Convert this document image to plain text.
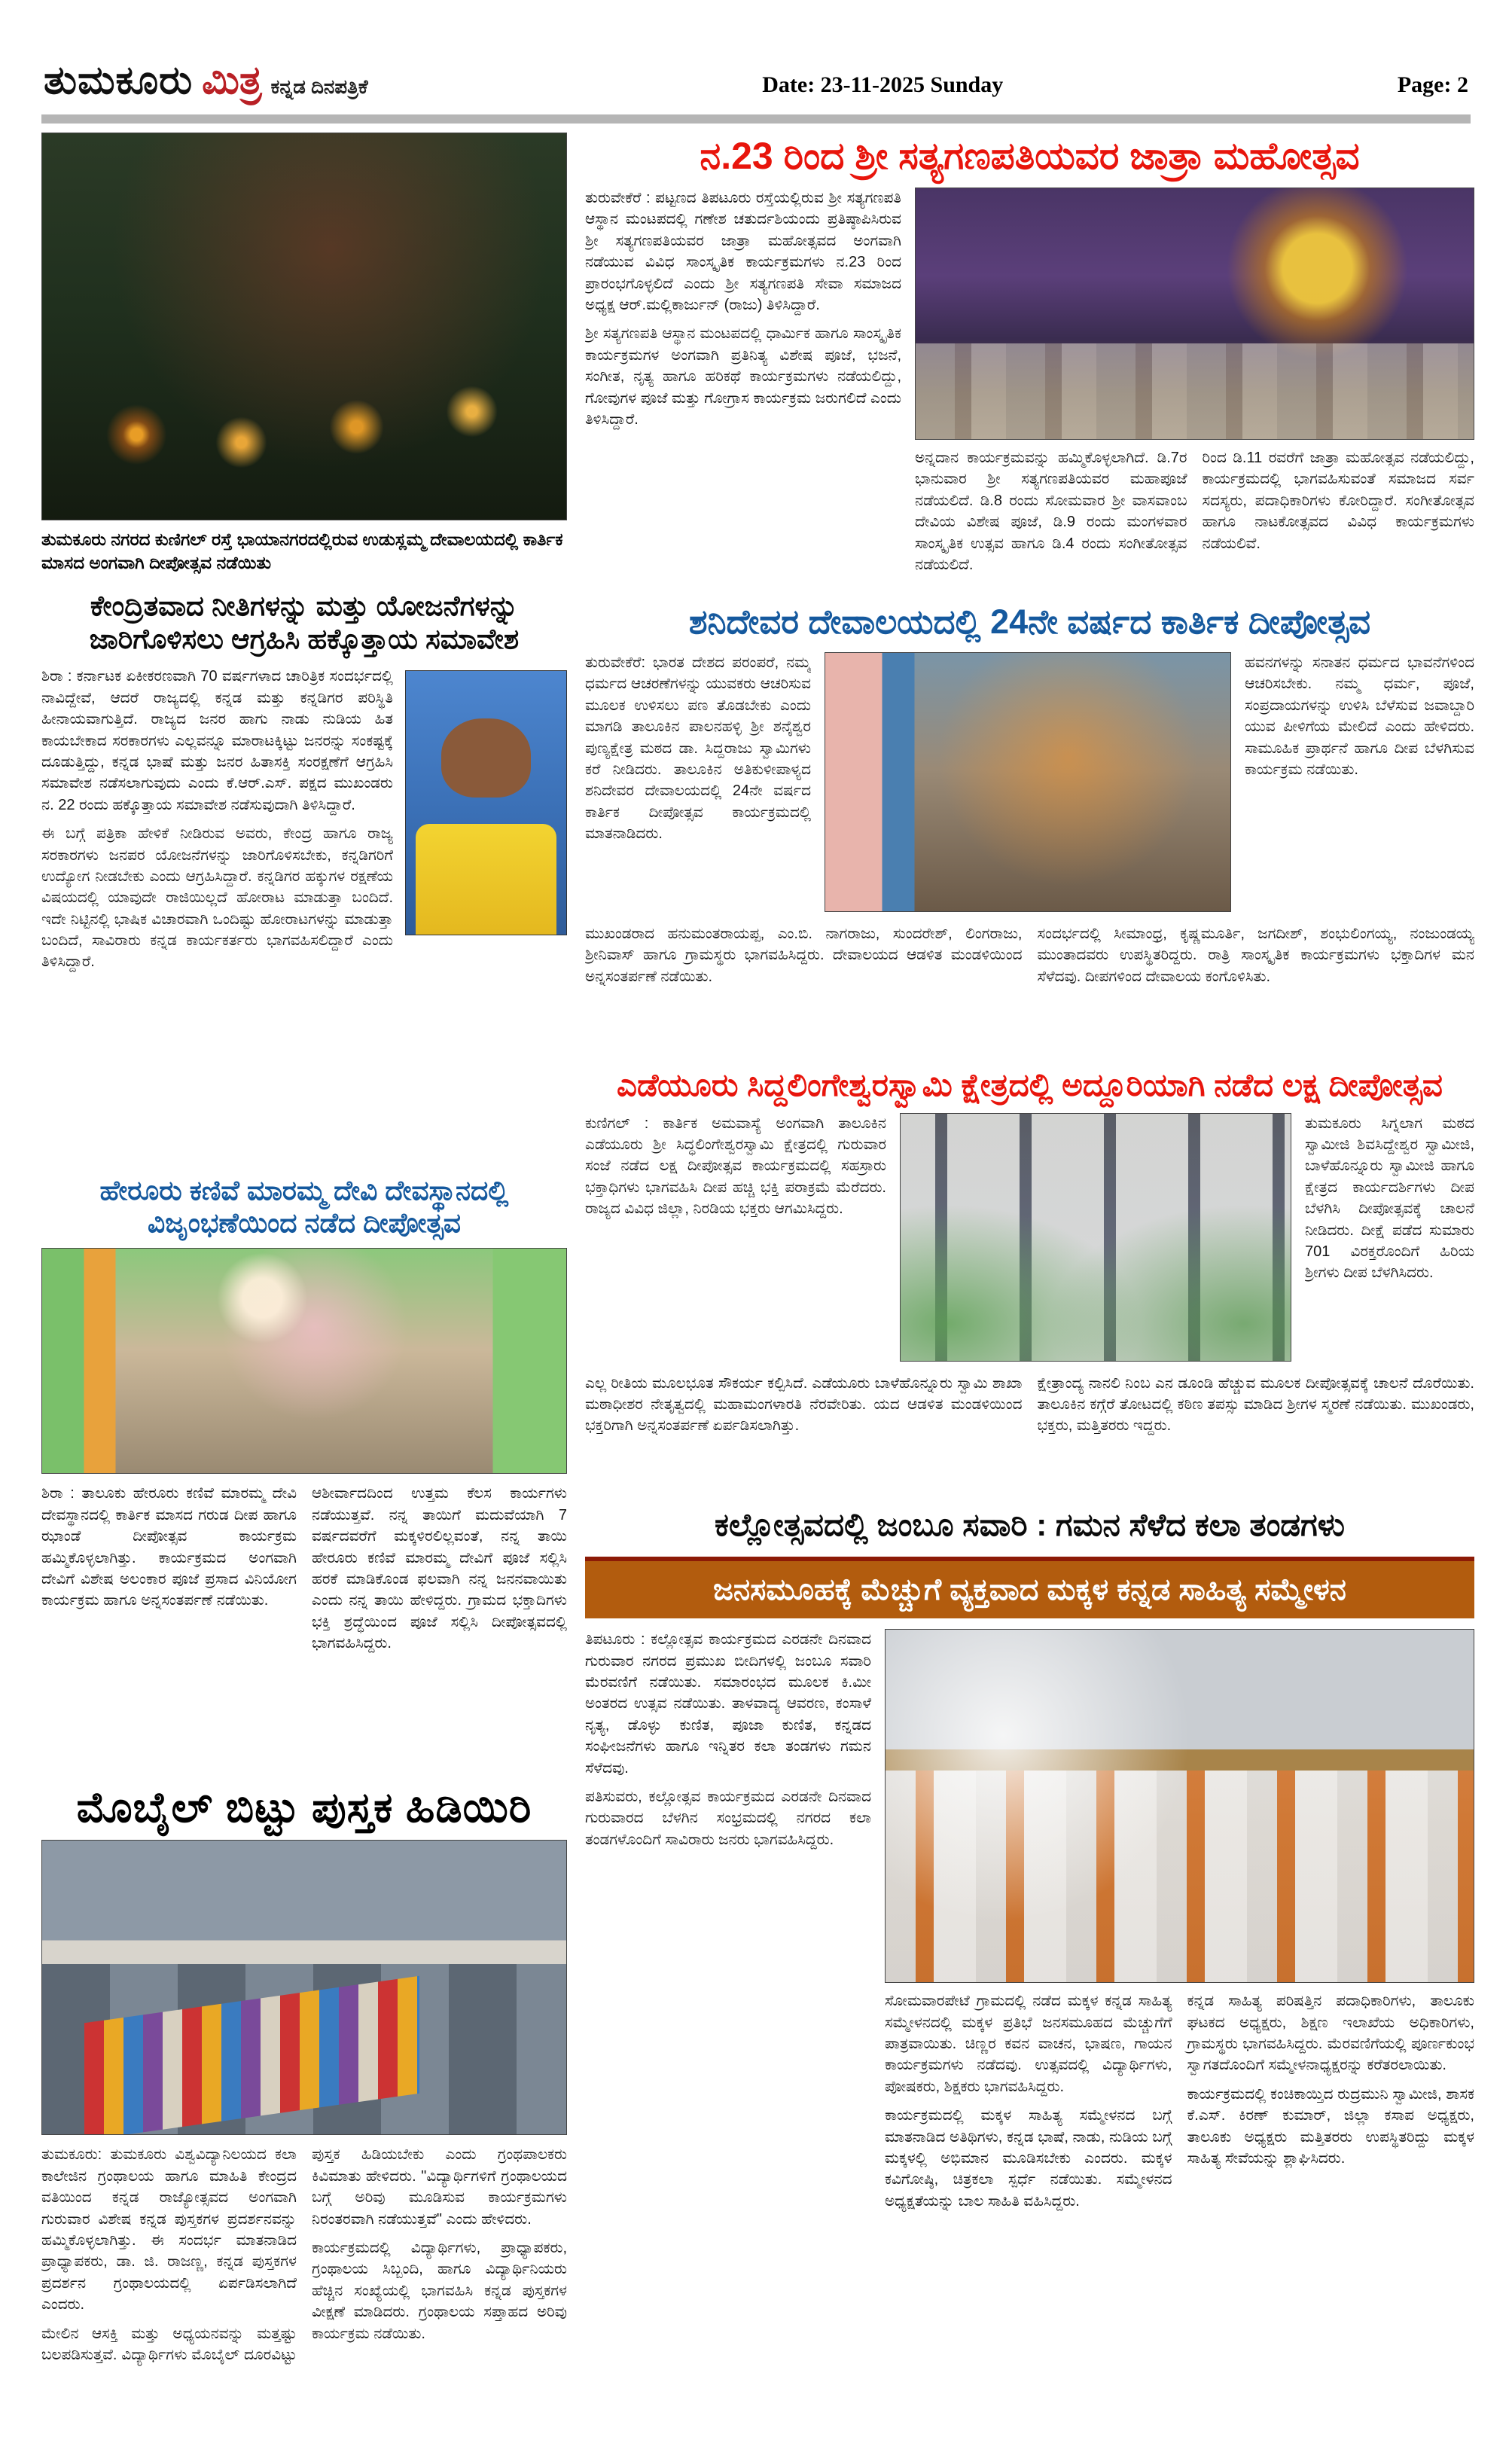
ತುಮಕೂರು ಮಿತ್ರ ಕನ್ನಡ ದಿನಪತ್ರಿಕೆ	Date: 23-11-2025 Sunday	Page: 2
ತುಮಕೂರು ನಗರದ ಕುಣಿಗಲ್ ರಸ್ತೆ ಭಾಯಾನಗರದಲ್ಲಿರುವ ಉಡುಸ್ಲಮ್ಮ ದೇವಾಲಯದಲ್ಲಿ ಕಾರ್ತಿಕ ಮಾಸದ ಅಂಗವಾಗಿ ದೀಪೋತ್ಸವ ನಡೆಯಿತು
ಕೇಂದ್ರಿತವಾದ ನೀತಿಗಳನ್ನು ಮತ್ತು ಯೋಜನೆಗಳನ್ನು ಜಾರಿಗೊಳಿಸಲು ಆಗ್ರಹಿಸಿ ಹಕ್ಕೊತ್ತಾಯ ಸಮಾವೇಶ

ಶಿರಾ : ಕರ್ನಾಟಕ ಏಕೀಕರಣವಾಗಿ 70 ವರ್ಷಗಳಾದ ಚಾರಿತ್ರಿಕ ಸಂದರ್ಭದಲ್ಲಿ ನಾವಿದ್ದೇವೆ, ಆದರೆ ರಾಜ್ಯದಲ್ಲಿ ಕನ್ನಡ ಮತ್ತು ಕನ್ನಡಿಗರ ಪರಿಸ್ಥಿತಿ ಹೀನಾಯವಾಗುತ್ತಿದೆ. ರಾಜ್ಯದ ಜನರ ಹಾಗು ನಾಡು ನುಡಿಯ ಹಿತ ಕಾಯಬೇಕಾದ ಸರಕಾರಗಳು ಎಲ್ಲವನ್ನೂ ಮಾರಾಟಕ್ಕಿಟ್ಟು ಜನರನ್ನು ಸಂಕಷ್ಟಕ್ಕೆ ದೂಡುತ್ತಿದ್ದು, ಕನ್ನಡ ಭಾಷೆ ಮತ್ತು ಜನರ ಹಿತಾಸಕ್ತಿ ಸಂರಕ್ಷಣೆಗೆ ಆಗ್ರಹಿಸಿ ಸಮಾವೇಶ ನಡೆಸಲಾಗುವುದು ಎಂದು ಕೆ.ಆರ್.ಎಸ್. ಪಕ್ಷದ ಮುಖಂಡರು ನ. 22 ರಂದು ಹಕ್ಕೊತ್ತಾಯ ಸಮಾವೇಶ ನಡೆಸುವುದಾಗಿ ತಿಳಿಸಿದ್ದಾರೆ.

ಈ ಬಗ್ಗೆ ಪತ್ರಿಕಾ ಹೇಳಿಕೆ ನೀಡಿರುವ ಅವರು, ಕೇಂದ್ರ ಹಾಗೂ ರಾಜ್ಯ ಸರಕಾರಗಳು ಜನಪರ ಯೋಜನೆಗಳನ್ನು ಜಾರಿಗೊಳಿಸಬೇಕು, ಕನ್ನಡಿಗರಿಗೆ ಉದ್ಯೋಗ ನೀಡಬೇಕು ಎಂದು ಆಗ್ರಹಿಸಿದ್ದಾರೆ. ಕನ್ನಡಿಗರ ಹಕ್ಕುಗಳ ರಕ್ಷಣೆಯ ವಿಷಯದಲ್ಲಿ ಯಾವುದೇ ರಾಜಿಯಿಲ್ಲದೆ ಹೋರಾಟ ಮಾಡುತ್ತಾ ಬಂದಿದೆ. ಇದೇ ನಿಟ್ಟಿನಲ್ಲಿ ಭಾಷಿಕ ವಿಚಾರವಾಗಿ ಒಂದಿಷ್ಟು ಹೋರಾಟಗಳನ್ನು ಮಾಡುತ್ತಾ ಬಂದಿದೆ, ಸಾವಿರಾರು ಕನ್ನಡ ಕಾರ್ಯಕರ್ತರು ಭಾಗವಹಿಸಲಿದ್ದಾರೆ ಎಂದು ತಿಳಿಸಿದ್ದಾರೆ.

ಹೇರೂರು ಕಣಿವೆ ಮಾರಮ್ಮ ದೇವಿ ದೇವಸ್ಥಾನದಲ್ಲಿ ವಿಜೃಂಭಣೆಯಿಂದ ನಡೆದ ದೀಪೋತ್ಸವ

ಶಿರಾ : ತಾಲೂಕು ಹೇರೂರು ಕಣಿವೆ ಮಾರಮ್ಮ ದೇವಿ ದೇವಸ್ಥಾನದಲ್ಲಿ ಕಾರ್ತಿಕ ಮಾಸದ ಗರುಡ ದೀಪ ಹಾಗೂ ಝಾಂಡೆ ದೀಪೋತ್ಸವ ಕಾರ್ಯಕ್ರಮ ಹಮ್ಮಿಕೊಳ್ಳಲಾಗಿತ್ತು. ಕಾರ್ಯಕ್ರಮದ ಅಂಗವಾಗಿ ದೇವಿಗೆ ವಿಶೇಷ ಅಲಂಕಾರ ಪೂಜೆ ಪ್ರಸಾದ ವಿನಿಯೋಗ ಕಾರ್ಯಕ್ರಮ ಹಾಗೂ ಅನ್ನಸಂತರ್ಪಣೆ ನಡೆಯಿತು.

ಆಶೀರ್ವಾದದಿಂದ ಉತ್ತಮ ಕೆಲಸ ಕಾರ್ಯಗಳು ನಡೆಯುತ್ತವೆ. ನನ್ನ ತಾಯಿಗೆ ಮದುವೆಯಾಗಿ 7 ವರ್ಷದವರೆಗೆ ಮಕ್ಕಳಿರಲಿಲ್ಲವಂತೆ, ನನ್ನ ತಾಯಿ ಹೇರೂರು ಕಣಿವೆ ಮಾರಮ್ಮ ದೇವಿಗೆ ಪೂಜೆ ಸಲ್ಲಿಸಿ ಹರಕೆ ಮಾಡಿಕೊಂಡ ಫಲವಾಗಿ ನನ್ನ ಜನನವಾಯಿತು ಎಂದು ನನ್ನ ತಾಯಿ ಹೇಳಿದ್ದರು. ಗ್ರಾಮದ ಭಕ್ತಾದಿಗಳು ಭಕ್ತಿ ಶ್ರದ್ಧೆಯಿಂದ ಪೂಜೆ ಸಲ್ಲಿಸಿ ದೀಪೋತ್ಸವದಲ್ಲಿ ಭಾಗವಹಿಸಿದ್ದರು.

ಮೊಬೈಲ್ ಬಿಟ್ಟು ಪುಸ್ತಕ ಹಿಡಿಯಿರಿ

ತುಮಕೂರು: ತುಮಕೂರು ವಿಶ್ವವಿದ್ಯಾನಿಲಯದ ಕಲಾ ಕಾಲೇಜಿನ ಗ್ರಂಥಾಲಯ ಹಾಗೂ ಮಾಹಿತಿ ಕೇಂದ್ರದ ವತಿಯಿಂದ ಕನ್ನಡ ರಾಜ್ಯೋತ್ಸವದ ಅಂಗವಾಗಿ ಗುರುವಾರ ವಿಶೇಷ ಕನ್ನಡ ಪುಸ್ತಕಗಳ ಪ್ರದರ್ಶನವನ್ನು ಹಮ್ಮಿಕೊಳ್ಳಲಾಗಿತ್ತು. ಈ ಸಂದರ್ಭ ಮಾತನಾಡಿದ ಪ್ರಾಧ್ಯಾಪಕರು, ಡಾ. ಜಿ. ರಾಜಣ್ಣ, ಕನ್ನಡ ಪುಸ್ತಕಗಳ ಪ್ರದರ್ಶನ ಗ್ರಂಥಾಲಯದಲ್ಲಿ ಏರ್ಪಡಿಸಲಾಗಿದೆ ಎಂದರು.

ಮೇಲಿನ ಆಸಕ್ತಿ ಮತ್ತು ಅಧ್ಯಯನವನ್ನು ಮತ್ತಷ್ಟು ಬಲಪಡಿಸುತ್ತವೆ. ವಿದ್ಯಾರ್ಥಿಗಳು ಮೊಬೈಲ್ ದೂರವಿಟ್ಟು ಪುಸ್ತಕ ಹಿಡಿಯಬೇಕು ಎಂದು ಗ್ರಂಥಪಾಲಕರು ಕಿವಿಮಾತು ಹೇಳಿದರು. "ವಿದ್ಯಾರ್ಥಿಗಳಿಗೆ ಗ್ರಂಥಾಲಯದ ಬಗ್ಗೆ ಅರಿವು ಮೂಡಿಸುವ ಕಾರ್ಯಕ್ರಮಗಳು ನಿರಂತರವಾಗಿ ನಡೆಯುತ್ತವೆ" ಎಂದು ಹೇಳಿದರು.

ಕಾರ್ಯಕ್ರಮದಲ್ಲಿ ವಿದ್ಯಾರ್ಥಿಗಳು, ಪ್ರಾಧ್ಯಾಪಕರು, ಗ್ರಂಥಾಲಯ ಸಿಬ್ಬಂದಿ, ಹಾಗೂ ವಿದ್ಯಾರ್ಥಿನಿಯರು ಹೆಚ್ಚಿನ ಸಂಖ್ಯೆಯಲ್ಲಿ ಭಾಗವಹಿಸಿ ಕನ್ನಡ ಪುಸ್ತಕಗಳ ವೀಕ್ಷಣೆ ಮಾಡಿದರು. ಗ್ರಂಥಾಲಯ ಸಪ್ತಾಹದ ಅರಿವು ಕಾರ್ಯಕ್ರಮ ನಡೆಯಿತು.

ನ.23 ರಿಂದ ಶ್ರೀ ಸತ್ಯಗಣಪತಿಯವರ ಜಾತ್ರಾ ಮಹೋತ್ಸವ

ತುರುವೇಕೆರೆ : ಪಟ್ಟಣದ ತಿಪಟೂರು ರಸ್ತೆಯಲ್ಲಿರುವ ಶ್ರೀ ಸತ್ಯಗಣಪತಿ ಆಸ್ಥಾನ ಮಂಟಪದಲ್ಲಿ ಗಣೇಶ ಚತುರ್ದಶಿಯಂದು ಪ್ರತಿಷ್ಠಾಪಿಸಿರುವ ಶ್ರೀ ಸತ್ಯಗಣಪತಿಯವರ ಜಾತ್ರಾ ಮಹೋತ್ಸವದ ಅಂಗವಾಗಿ ನಡೆಯುವ ವಿವಿಧ ಸಾಂಸ್ಕೃತಿಕ ಕಾರ್ಯಕ್ರಮಗಳು ನ.23 ರಿಂದ ಪ್ರಾರಂಭಗೊಳ್ಳಲಿದೆ ಎಂದು ಶ್ರೀ ಸತ್ಯಗಣಪತಿ ಸೇವಾ ಸಮಾಜದ ಅಧ್ಯಕ್ಷ ಆರ್.ಮಲ್ಲಿಕಾರ್ಜುನ್ (ರಾಜು) ತಿಳಿಸಿದ್ದಾರೆ.

ಶ್ರೀ ಸತ್ಯಗಣಪತಿ ಆಸ್ಥಾನ ಮಂಟಪದಲ್ಲಿ ಧಾರ್ಮಿಕ ಹಾಗೂ ಸಾಂಸ್ಕೃತಿಕ ಕಾರ್ಯಕ್ರಮಗಳ ಅಂಗವಾಗಿ ಪ್ರತಿನಿತ್ಯ ವಿಶೇಷ ಪೂಜೆ, ಭಜನೆ, ಸಂಗೀತ, ನೃತ್ಯ ಹಾಗೂ ಹರಿಕಥೆ ಕಾರ್ಯಕ್ರಮಗಳು ನಡೆಯಲಿದ್ದು, ಗೋವುಗಳ ಪೂಜೆ ಮತ್ತು ಗೋಗ್ರಾಸ ಕಾರ್ಯಕ್ರಮ ಜರುಗಲಿದೆ ಎಂದು ತಿಳಿಸಿದ್ದಾರೆ.

ಅನ್ನದಾನ ಕಾರ್ಯಕ್ರಮವನ್ನು ಹಮ್ಮಿಕೊಳ್ಳಲಾಗಿದೆ. ಡಿ.7ರ ಭಾನುವಾರ ಶ್ರೀ ಸತ್ಯಗಣಪತಿಯವರ ಮಹಾಪೂಜೆ ನಡೆಯಲಿದೆ. ಡಿ.8 ರಂದು ಸೋಮವಾರ ಶ್ರೀ ವಾಸವಾಂಬ ದೇವಿಯ ವಿಶೇಷ ಪೂಜೆ, ಡಿ.9 ರಂದು ಮಂಗಳವಾರ ಸಾಂಸ್ಕೃತಿಕ ಉತ್ಸವ ಹಾಗೂ ಡಿ.4 ರಂದು ಸಂಗೀತೋತ್ಸವ ನಡೆಯಲಿದೆ.

ರಿಂದ ಡಿ.11 ರವರೆಗೆ ಜಾತ್ರಾ ಮಹೋತ್ಸವ ನಡೆಯಲಿದ್ದು, ಕಾರ್ಯಕ್ರಮದಲ್ಲಿ ಭಾಗವಹಿಸುವಂತೆ ಸಮಾಜದ ಸರ್ವ ಸದಸ್ಯರು, ಪದಾಧಿಕಾರಿಗಳು ಕೋರಿದ್ದಾರೆ. ಸಂಗೀತೋತ್ಸವ ಹಾಗೂ ನಾಟಕೋತ್ಸವದ ವಿವಿಧ ಕಾರ್ಯಕ್ರಮಗಳು ನಡೆಯಲಿವೆ.

ಶನಿದೇವರ ದೇವಾಲಯದಲ್ಲಿ 24ನೇ ವರ್ಷದ ಕಾರ್ತಿಕ ದೀಪೋತ್ಸವ

ತುರುವೇಕೆರೆ: ಭಾರತ ದೇಶದ ಪರಂಪರೆ, ನಮ್ಮ ಧರ್ಮದ ಆಚರಣೆಗಳನ್ನು ಯುವಕರು ಆಚರಿಸುವ ಮೂಲಕ ಉಳಿಸಲು ಪಣ ತೊಡಬೇಕು ಎಂದು ಮಾಗಡಿ ತಾಲೂಕಿನ ಪಾಲನಹಳ್ಳಿ ಶ್ರೀ ಶನೈಶ್ವರ ಪುಣ್ಯಕ್ಷೇತ್ರ ಮಠದ ಡಾ. ಸಿದ್ದರಾಜು ಸ್ವಾಮಿಗಳು ಕರೆ ನೀಡಿದರು. ತಾಲೂಕಿನ ಅತಿಕುಳೀಪಾಳ್ಯದ ಶನಿದೇವರ ದೇವಾಲಯದಲ್ಲಿ 24ನೇ ವರ್ಷದ ಕಾರ್ತಿಕ ದೀಪೋತ್ಸವ ಕಾರ್ಯಕ್ರಮದಲ್ಲಿ ಮಾತನಾಡಿದರು.

ಹವನಗಳನ್ನು ಸನಾತನ ಧರ್ಮದ ಭಾವನೆಗಳಿಂದ ಆಚರಿಸಬೇಕು. ನಮ್ಮ ಧರ್ಮ, ಪೂಜೆ, ಸಂಪ್ರದಾಯಗಳನ್ನು ಉಳಿಸಿ ಬೆಳೆಸುವ ಜವಾಬ್ದಾರಿ ಯುವ ಪೀಳಿಗೆಯ ಮೇಲಿದೆ ಎಂದು ಹೇಳಿದರು. ಸಾಮೂಹಿಕ ಪ್ರಾರ್ಥನೆ ಹಾಗೂ ದೀಪ ಬೆಳಗಿಸುವ ಕಾರ್ಯಕ್ರಮ ನಡೆಯಿತು.

ಮುಖಂಡರಾದ ಹನುಮಂತರಾಯಪ್ಪ, ಎಂ.ಬಿ. ನಾಗರಾಜು, ಸುಂದರೇಶ್, ಲಿಂಗರಾಜು, ಶ್ರೀನಿವಾಸ್ ಹಾಗೂ ಗ್ರಾಮಸ್ಥರು ಭಾಗವಹಿಸಿದ್ದರು. ದೇವಾಲಯದ ಆಡಳಿತ ಮಂಡಳಿಯಿಂದ ಅನ್ನಸಂತರ್ಪಣೆ ನಡೆಯಿತು.

ಸಂದರ್ಭದಲ್ಲಿ ಸೀಮಾಂಧ್ರ, ಕೃಷ್ಣಮೂರ್ತಿ, ಜಗದೀಶ್, ಶಂಭುಲಿಂಗಯ್ಯ, ನಂಜುಂಡಯ್ಯ ಮುಂತಾದವರು ಉಪಸ್ಥಿತರಿದ್ದರು. ರಾತ್ರಿ ಸಾಂಸ್ಕೃತಿಕ ಕಾರ್ಯಕ್ರಮಗಳು ಭಕ್ತಾದಿಗಳ ಮನ ಸೆಳೆದವು. ದೀಪಗಳಿಂದ ದೇವಾಲಯ ಕಂಗೊಳಿಸಿತು.

ಎಡೆಯೂರು ಸಿದ್ದಲಿಂಗೇಶ್ವರಸ್ವಾಮಿ ಕ್ಷೇತ್ರದಲ್ಲಿ ಅದ್ದೂರಿಯಾಗಿ ನಡೆದ ಲಕ್ಷ ದೀಪೋತ್ಸವ

ಕುಣಿಗಲ್ : ಕಾರ್ತಿಕ ಅಮವಾಸ್ಯೆ ಅಂಗವಾಗಿ ತಾಲೂಕಿನ ಎಡೆಯೂರು ಶ್ರೀ ಸಿದ್ಧಲಿಂಗೇಶ್ವರಸ್ವಾಮಿ ಕ್ಷೇತ್ರದಲ್ಲಿ ಗುರುವಾರ ಸಂಜೆ ನಡೆದ ಲಕ್ಷ ದೀಪೋತ್ಸವ ಕಾರ್ಯಕ್ರಮದಲ್ಲಿ ಸಹಸ್ರಾರು ಭಕ್ತಾಧಿಗಳು ಭಾಗವಹಿಸಿ ದೀಪ ಹಚ್ಚಿ ಭಕ್ತಿ ಪರಾಕ್ರಮೆ ಮೆರೆದರು. ರಾಜ್ಯದ ವಿವಿಧ ಜಿಲ್ಲಾ, ನಿರಡಿಯ ಭಕ್ತರು ಆಗಮಿಸಿದ್ದರು.

ತುಮಕೂರು ಸಿಗ್ನಲಾಗ ಮಠದ ಸ್ವಾಮೀಜಿ ಶಿವಸಿದ್ದೇಶ್ವರ ಸ್ವಾಮೀಜಿ, ಬಾಳೆಹೊನ್ನೂರು ಸ್ವಾಮೀಜಿ ಹಾಗೂ ಕ್ಷೇತ್ರದ ಕಾರ್ಯದರ್ಶಿಗಳು ದೀಪ ಬೆಳಗಿಸಿ ದೀಪೋತ್ಸವಕ್ಕೆ ಚಾಲನೆ ನೀಡಿದರು. ದೀಕ್ಷೆ ಪಡೆದ ಸುಮಾರು 701 ವಿರಕ್ತರೊಂದಿಗೆ ಹಿರಿಯ ಶ್ರೀಗಳು ದೀಪ ಬೆಳಗಿಸಿದರು.

ಎಲ್ಲ ರೀತಿಯ ಮೂಲಭೂತ ಸೌಕರ್ಯ ಕಲ್ಪಿಸಿದೆ. ಎಡೆಯೂರು ಬಾಳೆಹೊನ್ನೂರು ಸ್ವಾಮಿ ಶಾಖಾ ಮಠಾಧೀಶರ ನೇತೃತ್ವದಲ್ಲಿ ಮಹಾಮಂಗಳಾರತಿ ನೆರವೇರಿತು. ಯದ ಆಡಳಿತ ಮಂಡಳಿಯಿಂದ ಭಕ್ತರಿಗಾಗಿ ಅನ್ನಸಂತರ್ಪಣೆ ಏರ್ಪಡಿಸಲಾಗಿತ್ತು.

ಕ್ಷೇತ್ರಾಂದ್ಯ ನಾನಲಿ ನಿಂಬ ಎನ ಡೂಂಡಿ ಹೆಚ್ಚುವ ಮೂಲಕ ದೀಪೋತ್ಸವಕ್ಕೆ ಚಾಲನೆ ದೊರೆಯಿತು. ತಾಲೂಕಿನ ಕಗ್ಗೆರೆ ತೋಟದಲ್ಲಿ ಕಠಿಣ ತಪಸ್ಸು ಮಾಡಿದ ಶ್ರೀಗಳ ಸ್ಮರಣೆ ನಡೆಯಿತು. ಮುಖಂಡರು, ಭಕ್ತರು, ಮತ್ತಿತರರು ಇದ್ದರು.

ಕಲ್ಲೋತ್ಸವದಲ್ಲಿ ಜಂಬೂ ಸವಾರಿ : ಗಮನ ಸೆಳೆದ ಕಲಾ ತಂಡಗಳು
ಜನಸಮೂಹಕ್ಕೆ ಮೆಚ್ಚುಗೆ ವ್ಯಕ್ತವಾದ ಮಕ್ಕಳ ಕನ್ನಡ ಸಾಹಿತ್ಯ ಸಮ್ಮೇಳನ

ತಿಪಟೂರು : ಕಲ್ಲೋತ್ಸವ ಕಾರ್ಯಕ್ರಮದ ಎರಡನೇ ದಿನವಾದ ಗುರುವಾರ ನಗರದ ಪ್ರಮುಖ ಬೀದಿಗಳಲ್ಲಿ ಜಂಬೂ ಸವಾರಿ ಮೆರವಣಿಗೆ ನಡೆಯಿತು. ಸಮಾರಂಭದ ಮೂಲಕ ಕಿ.ಮೀ ಅಂತರದ ಉತ್ಸವ ನಡೆಯಿತು. ತಾಳವಾದ್ಯ ಆವರಣ, ಕಂಸಾಳೆ ನೃತ್ಯ, ಡೊಳ್ಳು ಕುಣಿತ, ಪೂಜಾ ಕುಣಿತ, ಕನ್ನಡದ ಸಂಘೀಜನೆಗಳು ಹಾಗೂ ಇನ್ನಿತರ ಕಲಾ ತಂಡಗಳು ಗಮನ ಸೆಳೆದವು.

ಪತಿಸುವರು, ಕಲ್ಲೋತ್ಸವ ಕಾರ್ಯಕ್ರಮದ ಎರಡನೇ ದಿನವಾದ ಗುರುವಾರದ ಬೆಳಗಿನ ಸಂಭ್ರಮದಲ್ಲಿ ನಗರದ ಕಲಾ ತಂಡಗಳೊಂದಿಗೆ ಸಾವಿರಾರು ಜನರು ಭಾಗವಹಿಸಿದ್ದರು.

ಸೋಮವಾರಪೇಟೆ ಗ್ರಾಮದಲ್ಲಿ ನಡೆದ ಮಕ್ಕಳ ಕನ್ನಡ ಸಾಹಿತ್ಯ ಸಮ್ಮೇಳನದಲ್ಲಿ ಮಕ್ಕಳ ಪ್ರತಿಭೆ ಜನಸಮೂಹದ ಮೆಚ್ಚುಗೆಗೆ ಪಾತ್ರವಾಯಿತು. ಚಿಣ್ಣರ ಕವನ ವಾಚನ, ಭಾಷಣ, ಗಾಯನ ಕಾರ್ಯಕ್ರಮಗಳು ನಡೆದವು. ಉತ್ಸವದಲ್ಲಿ ವಿದ್ಯಾರ್ಥಿಗಳು, ಪೋಷಕರು, ಶಿಕ್ಷಕರು ಭಾಗವಹಿಸಿದ್ದರು.

ಕಾರ್ಯಕ್ರಮದಲ್ಲಿ ಮಕ್ಕಳ ಸಾಹಿತ್ಯ ಸಮ್ಮೇಳನದ ಬಗ್ಗೆ ಮಾತನಾಡಿದ ಅತಿಥಿಗಳು, ಕನ್ನಡ ಭಾಷೆ, ನಾಡು, ನುಡಿಯ ಬಗ್ಗೆ ಮಕ್ಕಳಲ್ಲಿ ಅಭಿಮಾನ ಮೂಡಿಸಬೇಕು ಎಂದರು. ಮಕ್ಕಳ ಕವಿಗೋಷ್ಠಿ, ಚಿತ್ರಕಲಾ ಸ್ಪರ್ಧೆ ನಡೆಯಿತು. ಸಮ್ಮೇಳನದ ಅಧ್ಯಕ್ಷತೆಯನ್ನು ಬಾಲ ಸಾಹಿತಿ ವಹಿಸಿದ್ದರು.

ಕನ್ನಡ ಸಾಹಿತ್ಯ ಪರಿಷತ್ತಿನ ಪದಾಧಿಕಾರಿಗಳು, ತಾಲೂಕು ಘಟಕದ ಅಧ್ಯಕ್ಷರು, ಶಿಕ್ಷಣ ಇಲಾಖೆಯ ಅಧಿಕಾರಿಗಳು, ಗ್ರಾಮಸ್ಥರು ಭಾಗವಹಿಸಿದ್ದರು. ಮೆರವಣಿಗೆಯಲ್ಲಿ ಪೂರ್ಣಕುಂಭ ಸ್ವಾಗತದೊಂದಿಗೆ ಸಮ್ಮೇಳನಾಧ್ಯಕ್ಷರನ್ನು ಕರೆತರಲಾಯಿತು.

ಕಾರ್ಯಕ್ರಮದಲ್ಲಿ ಕಂಚಿಕಾಯ್ತಿದ ರುದ್ರಮುನಿ ಸ್ವಾಮೀಜಿ, ಶಾಸಕ ಕೆ.ಎಸ್. ಕಿರಣ್ ಕುಮಾರ್, ಜಿಲ್ಲಾ ಕಸಾಪ ಅಧ್ಯಕ್ಷರು, ತಾಲೂಕು ಅಧ್ಯಕ್ಷರು ಮತ್ತಿತರರು ಉಪಸ್ಥಿತರಿದ್ದು ಮಕ್ಕಳ ಸಾಹಿತ್ಯ ಸೇವೆಯನ್ನು ಶ್ಲಾಘಿಸಿದರು.
